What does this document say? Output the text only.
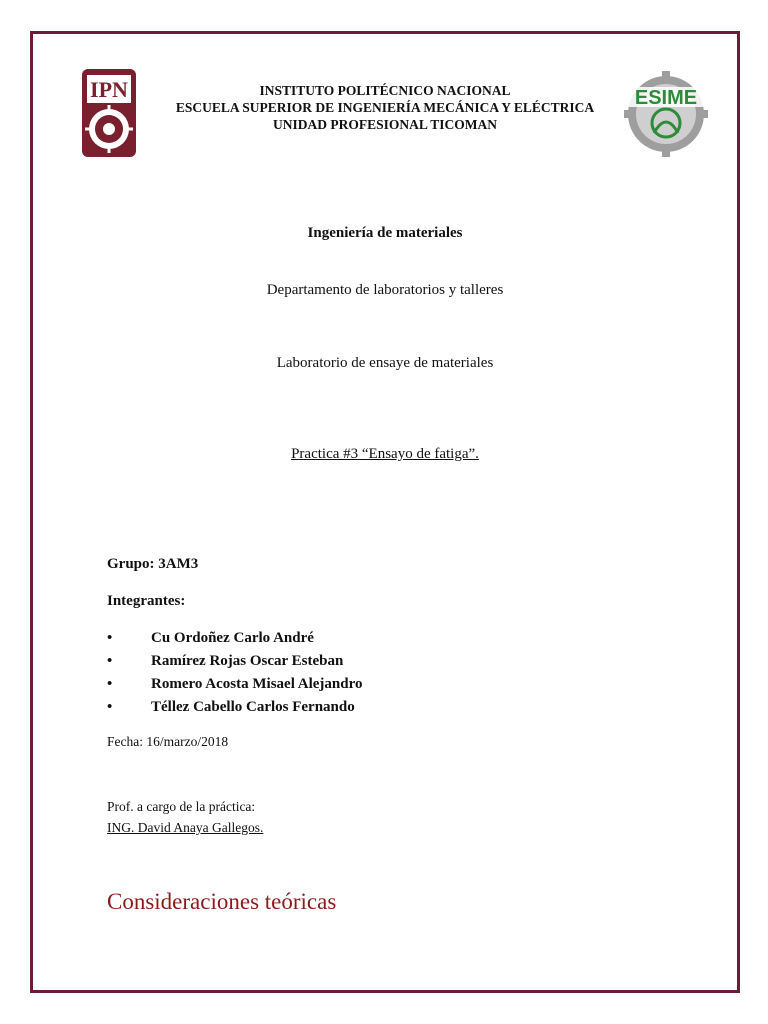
IPN	ESIME
INSTITUTO POLITÉCNICO NACIONAL
ESCUELA SUPERIOR DE INGENIERÍA MECÁNICA Y ELÉCTRICA
UNIDAD PROFESIONAL TICOMAN
Ingeniería de materiales
Departamento de laboratorios y talleres
Laboratorio de ensaye de materiales
Practica #3 “Ensayo de fatiga”.
Grupo: 3AM3
Integrantes:
•	Cu Ordoñez Carlo André
•	Ramírez Rojas Oscar Esteban
•	Romero Acosta Misael Alejandro
•	Téllez Cabello Carlos Fernando
Fecha: 16/marzo/2018
Prof. a cargo de la práctica:
ING. David Anaya Gallegos.
Consideraciones teóricas
